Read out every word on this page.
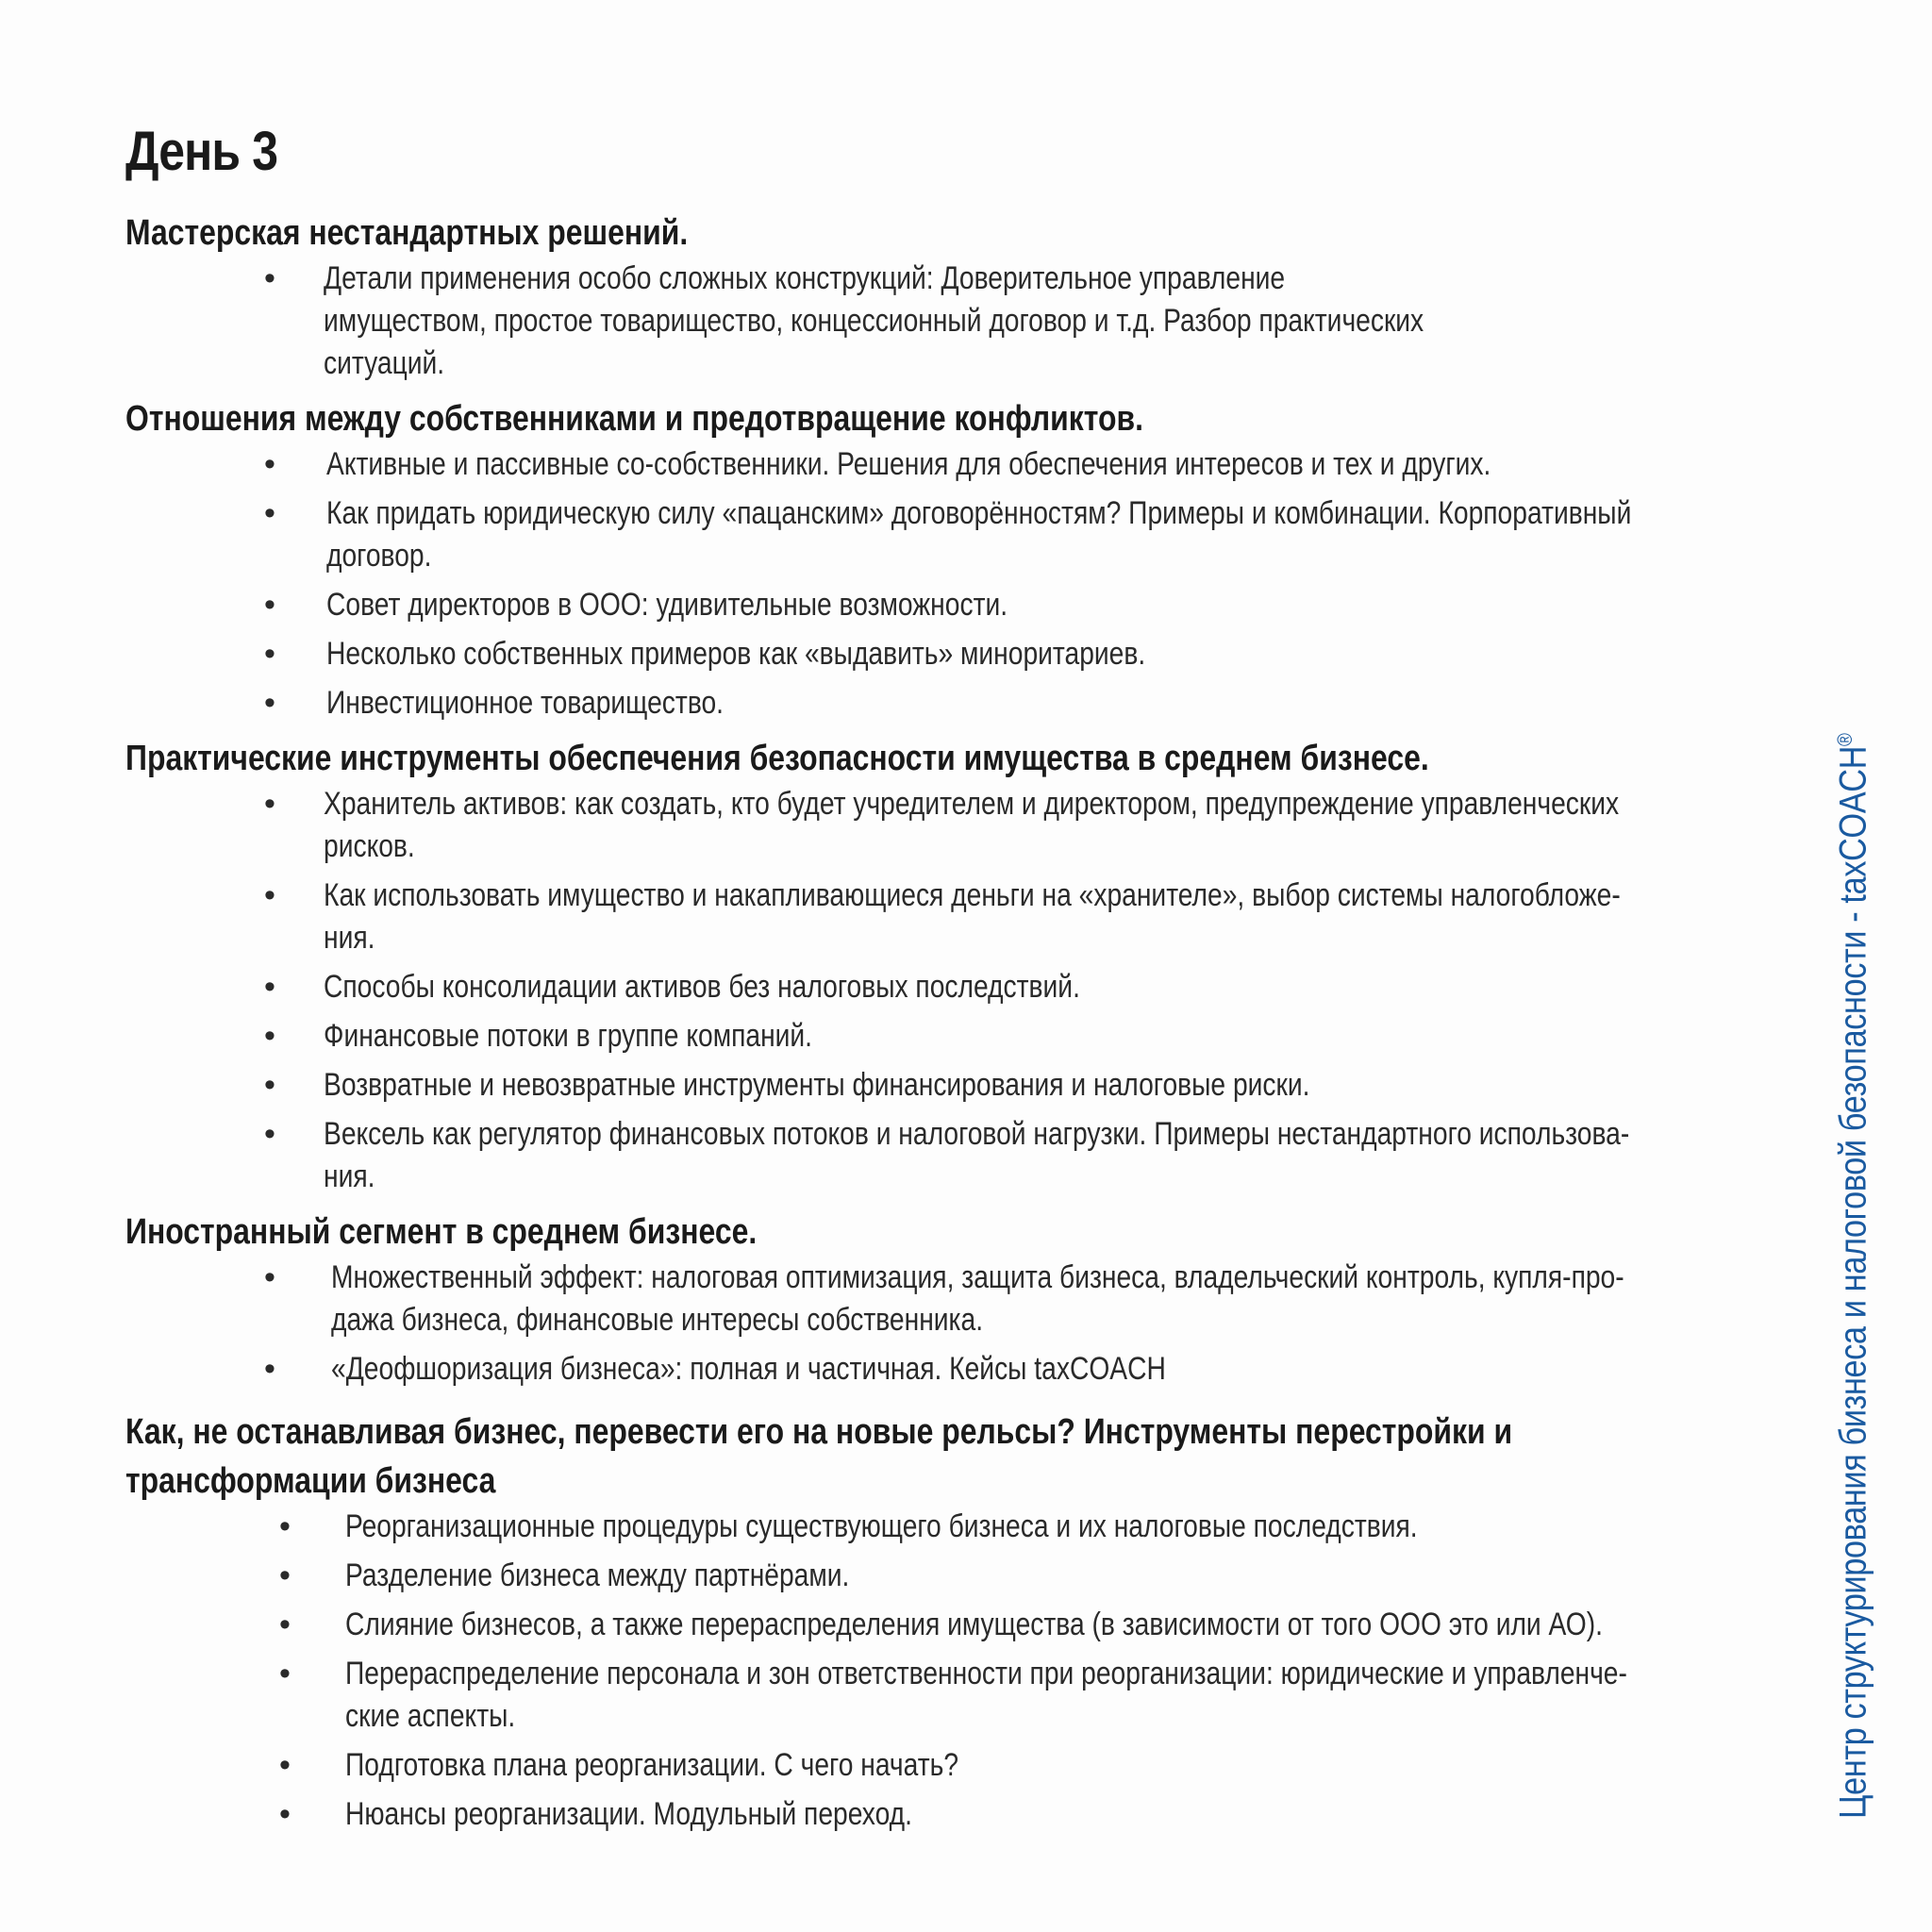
День 3
Мастерская нестандартных решений.
• Детали применения особо сложных конструкций: Доверительное управление имуществом, простое товарищество, концессионный договор и т.д. Разбор практических ситуаций.
Отношения между собственниками и предотвращение конфликтов.
• Активные и пассивные со-собственники. Решения для обеспечения интересов и тех и других.
• Как придать юридическую силу «пацанским» договорённостям? Примеры и комбинации. Корпоративный договор.
• Совет директоров в ООО: удивительные возможности.
• Несколько собственных примеров как «выдавить» миноритариев.
• Инвестиционное товарищество.
Практические инструменты обеспечения безопасности имущества в среднем бизнесе.
• Хранитель активов: как создать, кто будет учредителем и директором, предупреждение управленческих рисков.
• Как использовать имущество и накапливающиеся деньги на «хранителе», выбор системы налогобложе-ния.
• Способы консолидации активов без налоговых последствий.
• Финансовые потоки в группе компаний.
• Возвратные и невозвратные инструменты финансирования и налоговые риски.
• Вексель как регулятор финансовых потоков и налоговой нагрузки. Примеры нестандартного использова-ния.
Иностранный сегмент в среднем бизнесе.
• Множественный эффект: налоговая оптимизация, защита бизнеса, владельческий контроль, купля-про-дажа бизнеса, финансовые интересы собственника.
• «Деофшоризация бизнеса»: полная и частичная. Кейсы taxCOACH
Как, не останавливая бизнес, перевести его на новые рельсы? Инструменты перестройки и трансформации бизнеса
• Реорганизационные процедуры существующего бизнеса и их налоговые последствия.
• Разделение бизнеса между партнёрами.
• Слияние бизнесов, а также перераспределения имущества (в зависимости от того ООО это или АО).
• Перераспределение персонала и зон ответственности при реорганизации: юридические и управленче-ские аспекты.
• Подготовка плана реорганизации. С чего начать?
• Нюансы реорганизации. Модульный переход.	Центр структурирования бизнеса и налоговой безопасности - taxCOACH®
